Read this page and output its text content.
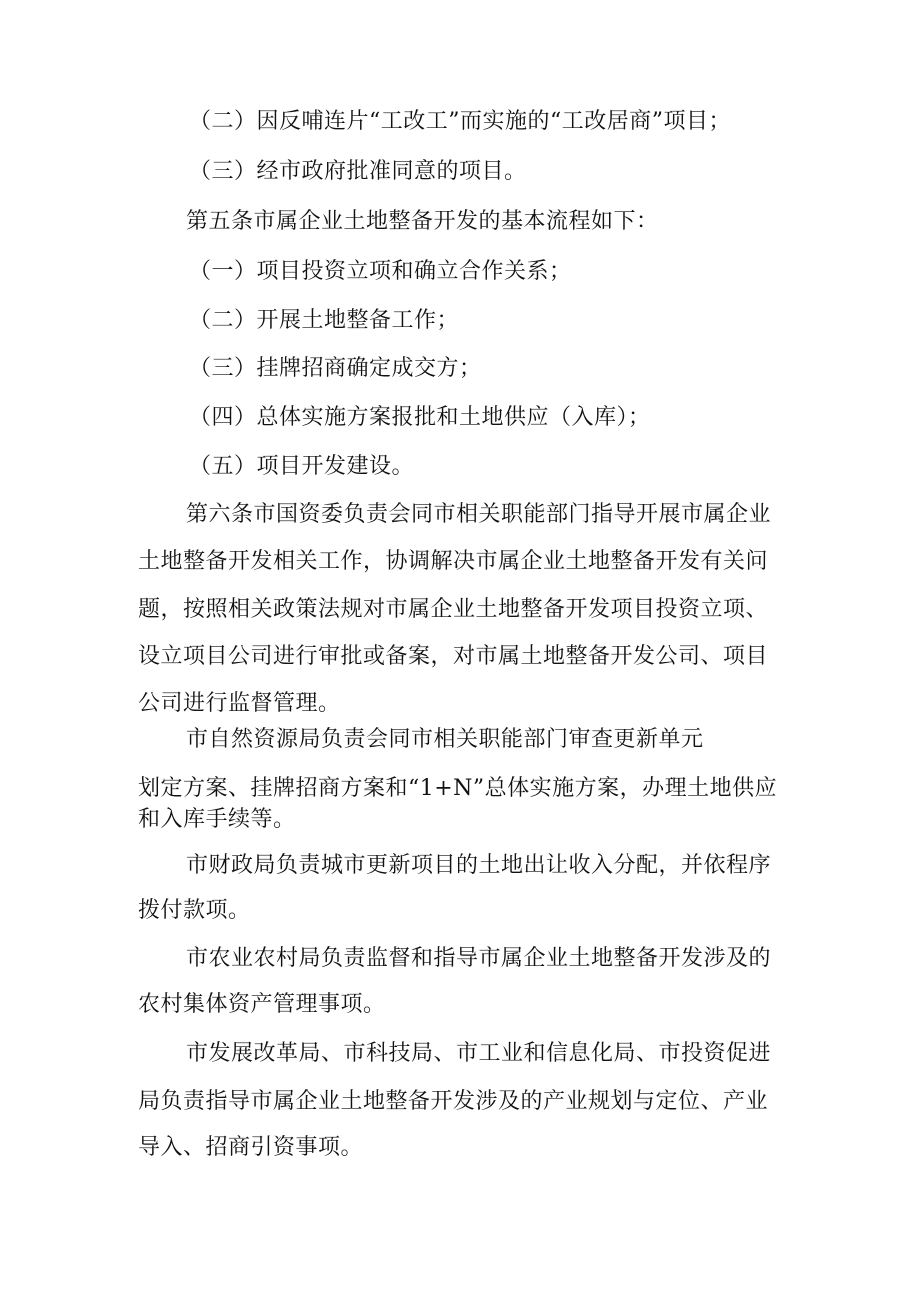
（二）因反哺连片“工改工”而实施的“工改居商”项目；
（三）经市政府批准同意的项目。
第五条市属企业土地整备开发的基本流程如下：
（一）项目投资立项和确立合作关系；
（二）开展土地整备工作；
（三）挂牌招商确定成交方；
（四）总体实施方案报批和土地供应（入库）；
（五）项目开发建设。
第六条市国资委负责会同市相关职能部门指导开展市属企业
土地整备开发相关工作，协调解决市属企业土地整备开发有关问
题，按照相关政策法规对市属企业土地整备开发项目投资立项、
设立项目公司进行审批或备案，对市属土地整备开发公司、项目
公司进行监督管理。
市自然资源局负责会同市相关职能部门审查更新单元
划定方案、挂牌招商方案和“1+N”总体实施方案，办理土地供应
和入库手续等。
市财政局负责城市更新项目的土地出让收入分配，并依程序
拨付款项。
市农业农村局负责监督和指导市属企业土地整备开发涉及的
农村集体资产管理事项。
市发展改革局、市科技局、市工业和信息化局、市投资促进
局负责指导市属企业土地整备开发涉及的产业规划与定位、产业
导入、招商引资事项。
